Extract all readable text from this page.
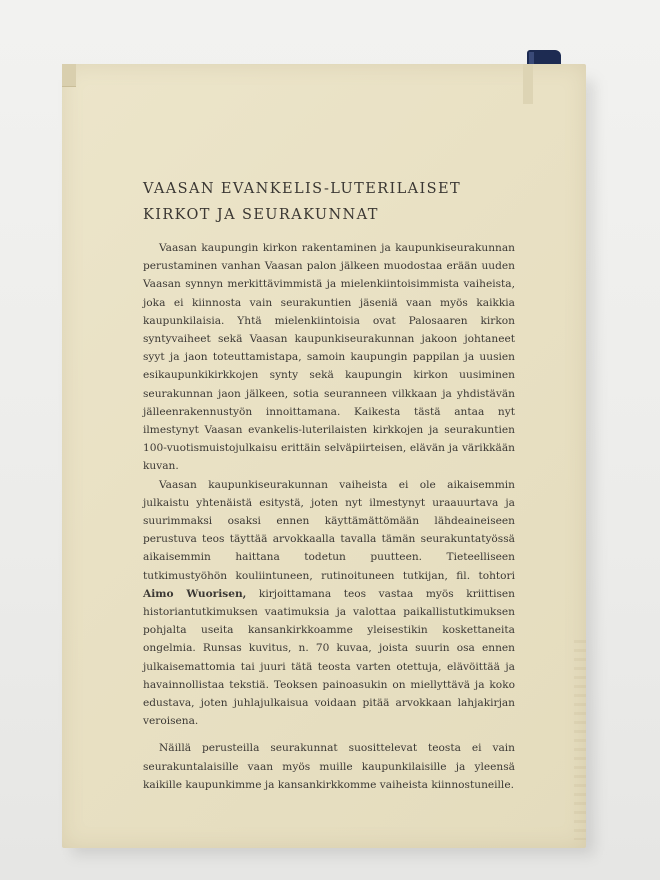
VAASAN EVANKELIS-LUTERILAISET KIRKOT JA SEURAKUNNAT

Vaasan kaupungin kirkon rakentaminen ja kaupunkiseurakunnan perustaminen vanhan Vaasan palon jälkeen muodostaa erään uuden Vaasan synnyn merkittävimmistä ja mielenkiintoisimmista vaiheista, joka ei kiinnosta vain seurakuntien jäseniä vaan myös kaikkia kaupunkilaisia. Yhtä mielenkiintoisia ovat Palosaaren kirkon syntyvaiheet sekä Vaasan kaupunkiseurakunnan jakoon johtaneet syyt ja jaon toteuttamistapa, samoin kaupungin pappilan ja uusien esikaupunkikirkkojen synty sekä kaupungin kirkon uusiminen seurakunnan jaon jälkeen, sotia seuranneen vilkkaan ja yhdistävän jälleenrakennustyön innoittamana. Kaikesta tästä antaa nyt ilmestynyt Vaasan evankelis-luterilaisten kirkkojen ja seurakuntien 100-vuotismuistojulkaisu erittäin selväpiirteisen, elävän ja värikkään kuvan.

Vaasan kaupunkiseurakunnan vaiheista ei ole aikaisemmin julkaistu yhtenäistä esitystä, joten nyt ilmestynyt uraauurtava ja suurimmaksi osaksi ennen käyttämättömään lähdeaineiseen perustuva teos täyttää arvokkaalla tavalla tämän seurakuntatyössä aikaisemmin haittana todetun puutteen. Tieteelliseen tutkimustyöhön kouliintuneen, rutinoituneen tutkijan, fil. tohtori Aimo Wuorisen, kirjoittamana teos vastaa myös kriittisen historiantutkimuksen vaatimuksia ja valottaa paikallistutkimuksen pohjalta useita kansankirkkoamme yleisestikin koskettaneita ongelmia. Runsas kuvitus, n. 70 kuvaa, joista suurin osa ennen julkaisemattomia tai juuri tätä teosta varten otettuja, elävöittää ja havainnollistaa tekstiä. Teoksen painoasukin on miellyttävä ja koko edustava, joten juhlajulkaisua voidaan pitää arvokkaan lahjakirjan veroisena.

Näillä perusteilla seurakunnat suosittelevat teosta ei vain seurakuntalaisille vaan myös muille kaupunkilaisille ja yleensä kaikille kaupunkimme ja kansankirkkomme vaiheista kiinnostuneille.
